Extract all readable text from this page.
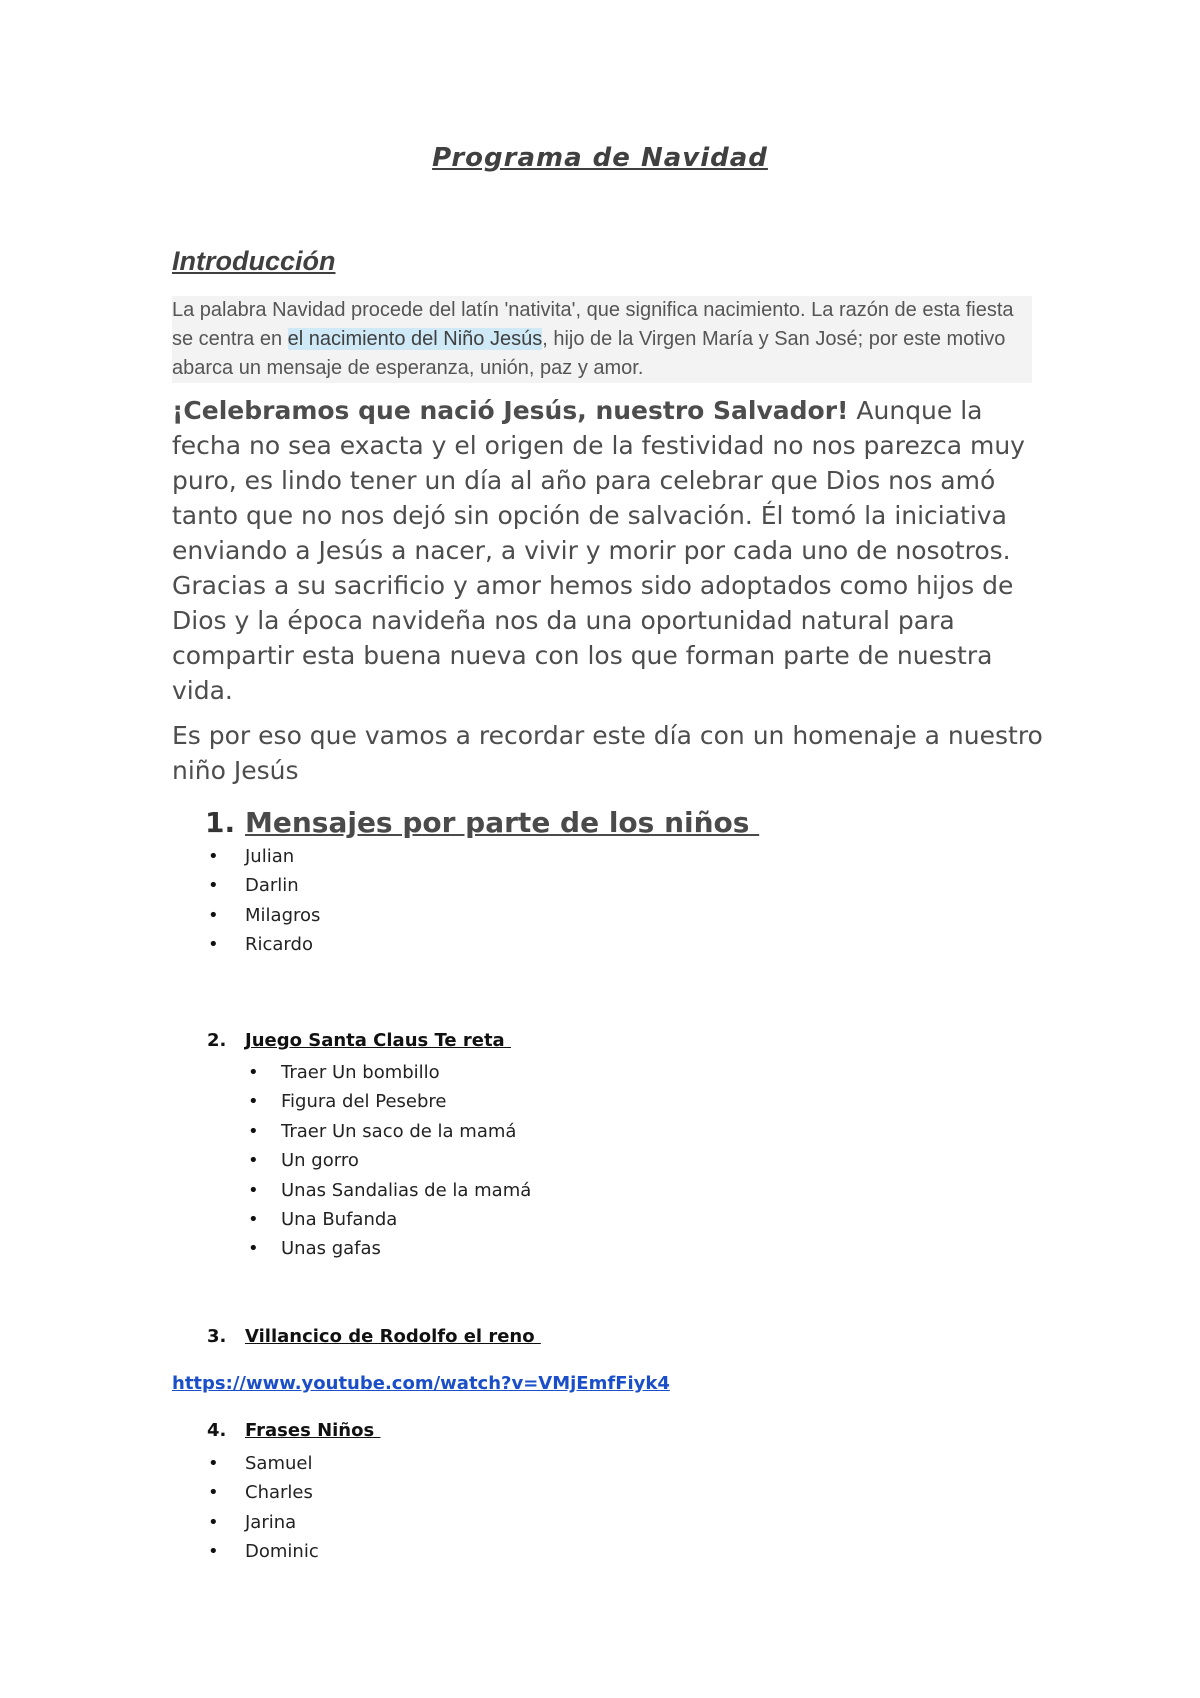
Programa de Navidad
Introducción
La palabra Navidad procede del latín 'nativita', que significa nacimiento. La razón de esta fiesta se centra en el nacimiento del Niño Jesús, hijo de la Virgen María y San José; por este motivo abarca un mensaje de esperanza, unión, paz y amor.
¡Celebramos que nació Jesús, nuestro Salvador! Aunque la fecha no sea exacta y el origen de la festividad no nos parezca muy puro, es lindo tener un día al año para celebrar que Dios nos amó tanto que no nos dejó sin opción de salvación. Él tomó la iniciativa enviando a Jesús a nacer, a vivir y morir por cada uno de nosotros. Gracias a su sacrificio y amor hemos sido adoptados como hijos de Dios y la época navideña nos da una oportunidad natural para compartir esta buena nueva con los que forman parte de nuestra vida.
Es por eso que vamos a recordar este día con un homenaje a nuestro niño Jesús
1. Mensajes por parte de los niños
• Julian
• Darlin
• Milagros
• Ricardo
2. Juego Santa Claus Te reta
• Traer Un bombillo
• Figura del Pesebre
• Traer Un saco de la mamá
• Un gorro
• Unas Sandalias de la mamá
• Una Bufanda
• Unas gafas
3. Villancico de Rodolfo el reno
https://www.youtube.com/watch?v=VMjEmfFiyk4
4. Frases Niños
• Samuel
• Charles
• Jarina
• Dominic
